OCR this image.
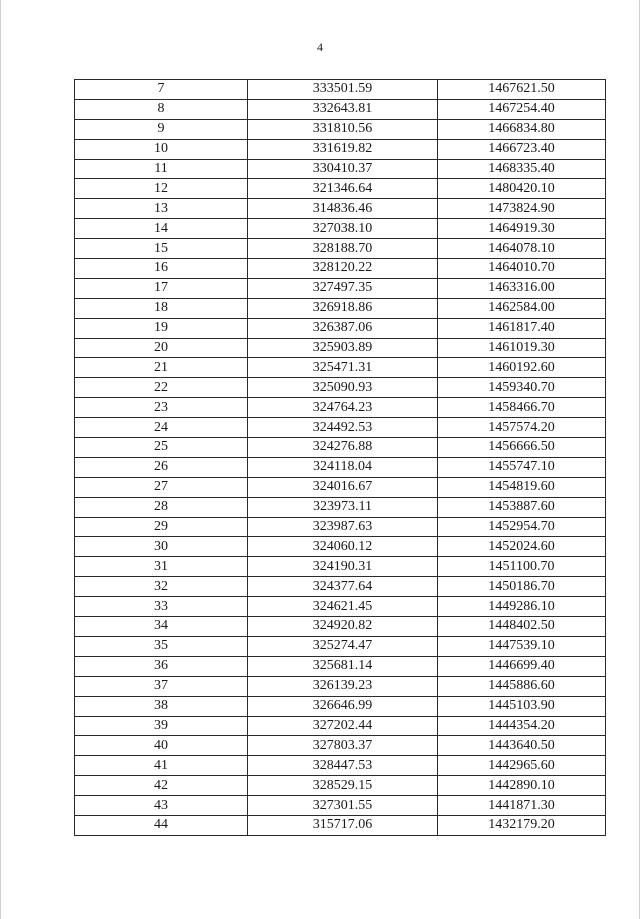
4
7	333501.59	1467621.50
8	332643.81	1467254.40
9	331810.56	1466834.80
10	331619.82	1466723.40
11	330410.37	1468335.40
12	321346.64	1480420.10
13	314836.46	1473824.90
14	327038.10	1464919.30
15	328188.70	1464078.10
16	328120.22	1464010.70
17	327497.35	1463316.00
18	326918.86	1462584.00
19	326387.06	1461817.40
20	325903.89	1461019.30
21	325471.31	1460192.60
22	325090.93	1459340.70
23	324764.23	1458466.70
24	324492.53	1457574.20
25	324276.88	1456666.50
26	324118.04	1455747.10
27	324016.67	1454819.60
28	323973.11	1453887.60
29	323987.63	1452954.70
30	324060.12	1452024.60
31	324190.31	1451100.70
32	324377.64	1450186.70
33	324621.45	1449286.10
34	324920.82	1448402.50
35	325274.47	1447539.10
36	325681.14	1446699.40
37	326139.23	1445886.60
38	326646.99	1445103.90
39	327202.44	1444354.20
40	327803.37	1443640.50
41	328447.53	1442965.60
42	328529.15	1442890.10
43	327301.55	1441871.30
44	315717.06	1432179.20
